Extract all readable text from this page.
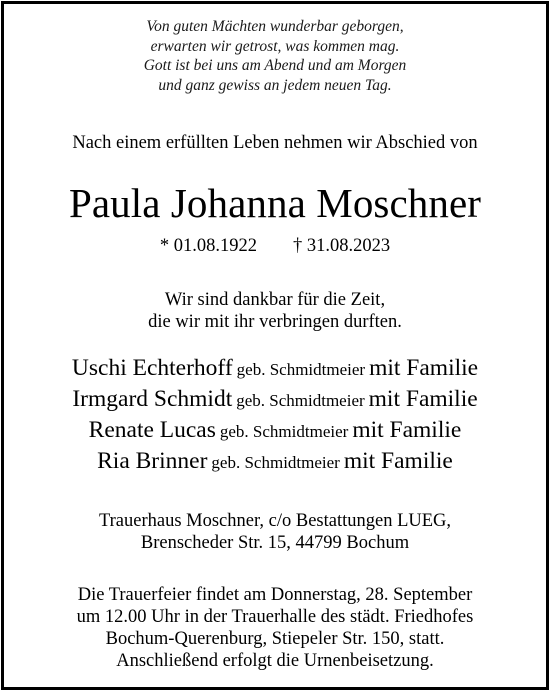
Von guten Mächten wunderbar geborgen,
erwarten wir getrost, was kommen mag.
Gott ist bei uns am Abend und am Morgen
und ganz gewiss an jedem neuen Tag.
Nach einem erfüllten Leben nehmen wir Abschied von
Paula Johanna Moschner
* 01.08.1922 † 31.08.2023
Wir sind dankbar für die Zeit,
die wir mit ihr verbringen durften.
Uschi Echterhoff geb. Schmidtmeier mit Familie
Irmgard Schmidt geb. Schmidtmeier mit Familie
Renate Lucas geb. Schmidtmeier mit Familie
Ria Brinner geb. Schmidtmeier mit Familie
Trauerhaus Moschner, c/o Bestattungen LUEG,
Brenscheder Str. 15, 44799 Bochum
Die Trauerfeier findet am Donnerstag, 28. September
um 12.00 Uhr in der Trauerhalle des städt. Friedhofes
Bochum-Querenburg, Stiepeler Str. 150, statt.
Anschließend erfolgt die Urnenbeisetzung.
